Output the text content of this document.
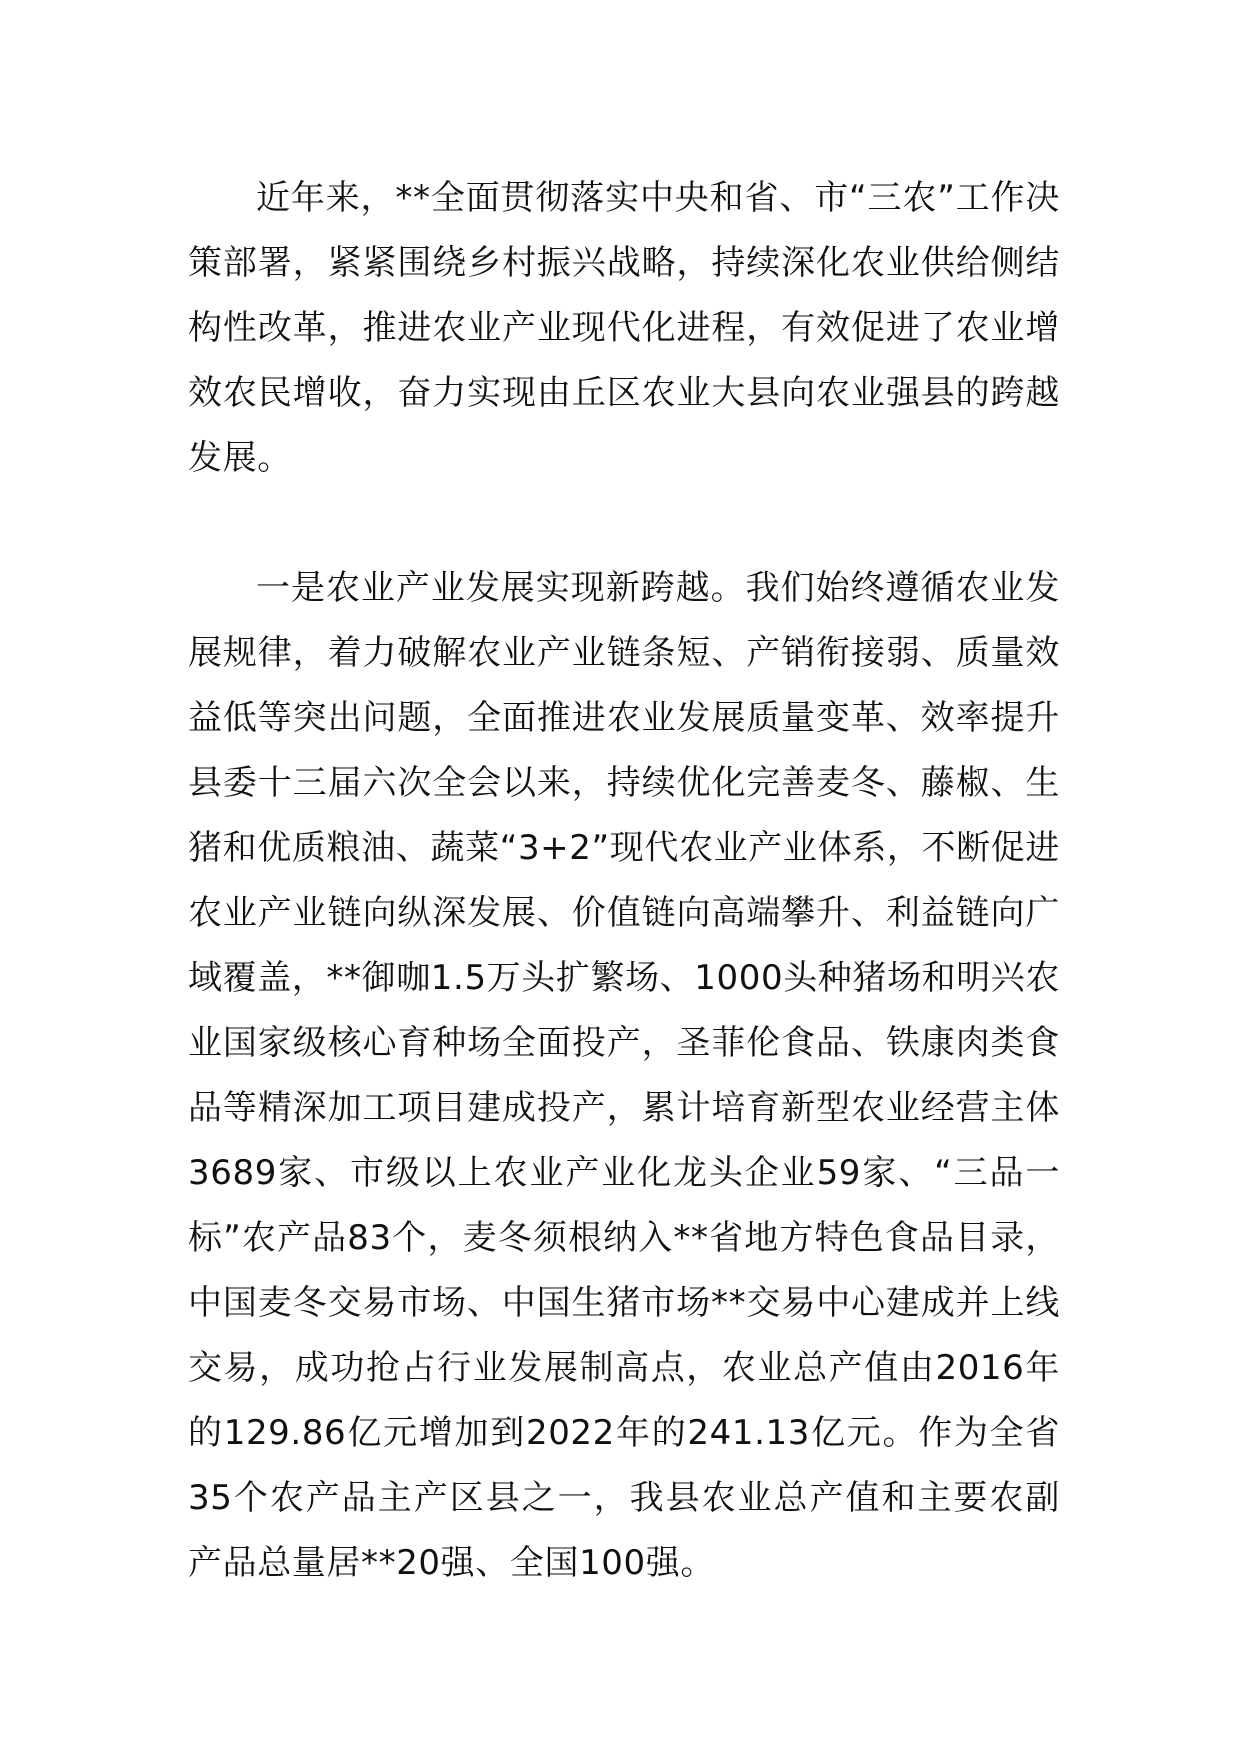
近年来，**全面贯彻落实中央和省、市“三农”工作决策部署，紧紧围绕乡村振兴战略，持续深化农业供给侧结构性改革，推进农业产业现代化进程，有效促进了农业增效农民增收，奋力实现由丘区农业大县向农业强县的跨越发展。

一是农业产业发展实现新跨越。我们始终遵循农业发展规律，着力破解农业产业链条短、产销衔接弱、质量效益低等突出问题，全面推进农业发展质量变革、效率提升县委十三届六次全会以来，持续优化完善麦冬、藤椒、生猪和优质粮油、蔬菜“3+2”现代农业产业体系，不断促进农业产业链向纵深发展、价值链向高端攀升、利益链向广域覆盖，**御咖1.5万头扩繁场、1000头种猪场和明兴农业国家级核心育种场全面投产，圣菲伦食品、铁康肉类食品等精深加工项目建成投产，累计培育新型农业经营主体3689家、市级以上农业产业化龙头企业59家、“三品一标”农产品83个，麦冬须根纳入**省地方特色食品目录，中国麦冬交易市场、中国生猪市场**交易中心建成并上线交易，成功抢占行业发展制高点，农业总产值由2016年的129.86亿元增加到2022年的241.13亿元。作为全省35个农产品主产区县之一，我县农业总产值和主要农副产品总量居**20强、全国100强。
